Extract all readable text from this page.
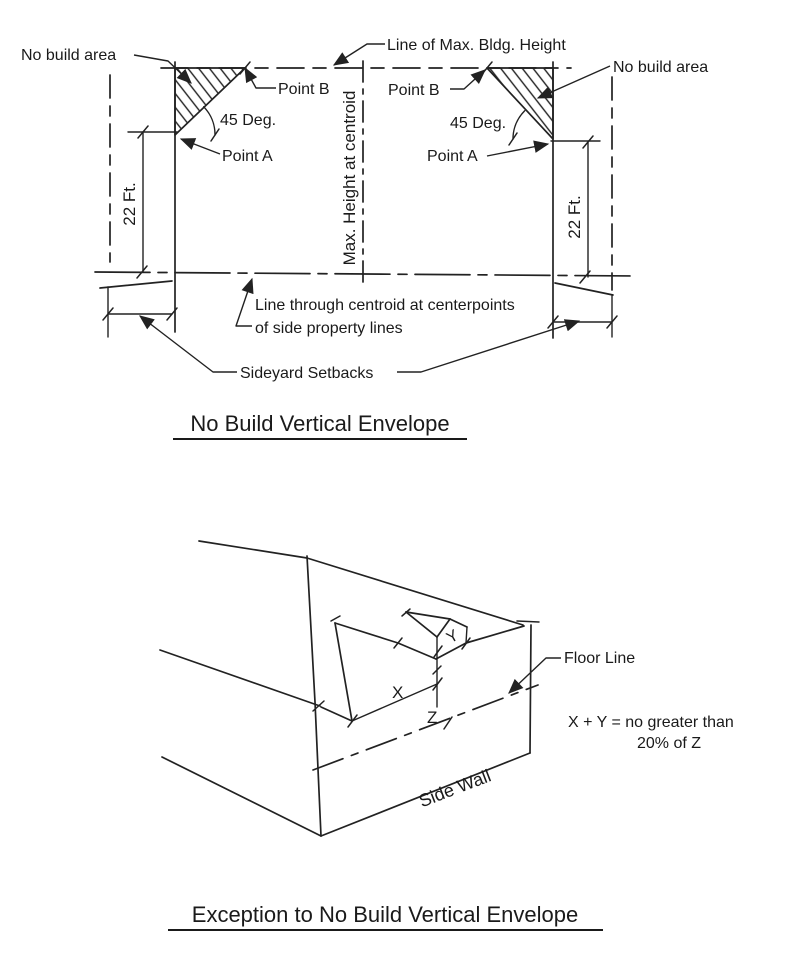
No build area
Line of Max. Bldg. Height
No build area
Point B	Point B
45 Deg.	45 Deg.
Point A	Point A
22 Ft.	22 Ft.
Max. Height at centroid
Line through centroid at centerpoints
of side property lines
Sideyard Setbacks
No Build Vertical Envelope
X
Y
Z
Floor Line
X + Y = no greater than
20% of Z
Side Wall
Exception to No Build Vertical Envelope
